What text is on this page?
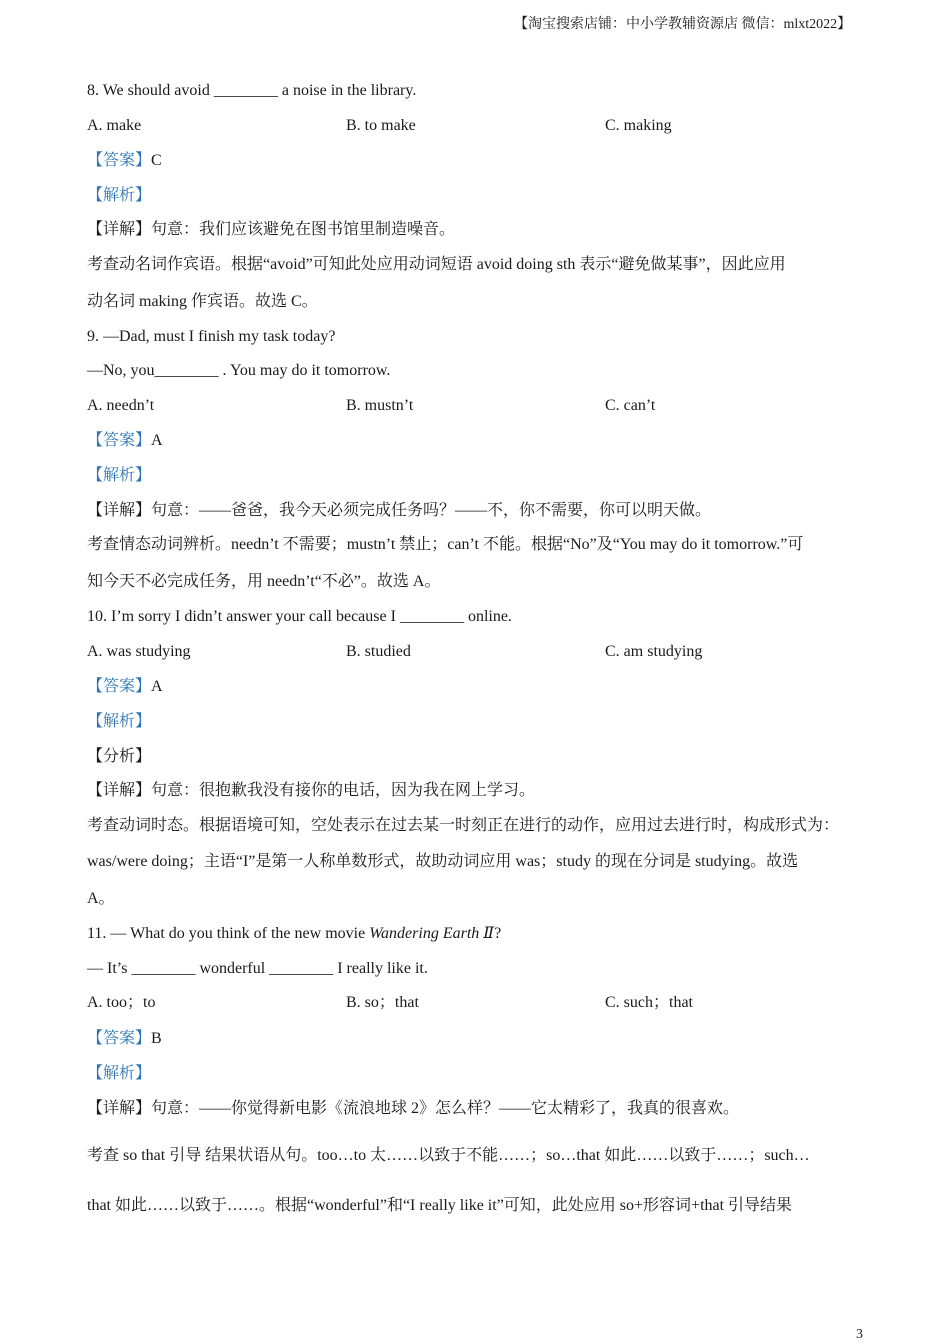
【淘宝搜索店铺：中小学教辅资源店 微信：mlxt2022】
8. We should avoid ________ a noise in the library.
A. make	B. to make	C. making
【答案】C
【解析】
【详解】句意：我们应该避免在图书馆里制造噪音。
考查动名词作宾语。根据“avoid”可知此处应用动词短语 avoid doing sth 表示“避免做某事”，因此应用
动名词 making 作宾语。故选 C。
9. —Dad, must I finish my task today?
—No, you________ . You may do it tomorrow.
A. needn’t	B. mustn’t	C. can’t
【答案】A
【解析】
【详解】句意：——爸爸，我今天必须完成任务吗？——不，你不需要，你可以明天做。
考查情态动词辨析。needn’t 不需要；mustn’t 禁止；can’t 不能。根据“No”及“You may do it tomorrow.”可
知今天不必完成任务，用 needn’t“不必”。故选 A。
10. I’m sorry I didn’t answer your call because I ________ online.
A. was studying	B. studied	C. am studying
【答案】A
【解析】
【分析】
【详解】句意：很抱歉我没有接你的电话，因为我在网上学习。
考查动词时态。根据语境可知，空处表示在过去某一时刻正在进行的动作，应用过去进行时，构成形式为：
was/were doing；主语“I”是第一人称单数形式，故助动词应用 was；study 的现在分词是 studying。故选
A。
11. — What do you think of the new movie Wandering Earth Ⅱ?
— It’s ________ wonderful ________ I really like it.
A. too；to	B. so；that	C. such；that
【答案】B
【解析】
【详解】句意：——你觉得新电影《流浪地球 2》怎么样？——它太精彩了，我真的很喜欢。
考查 so that 引导 结果状语从句。too…to 太……以致于不能……；so…that 如此……以致于……；such…
that 如此……以致于……。根据“wonderful”和“I really like it”可知，此处应用 so+形容词+that 引导结果
3
